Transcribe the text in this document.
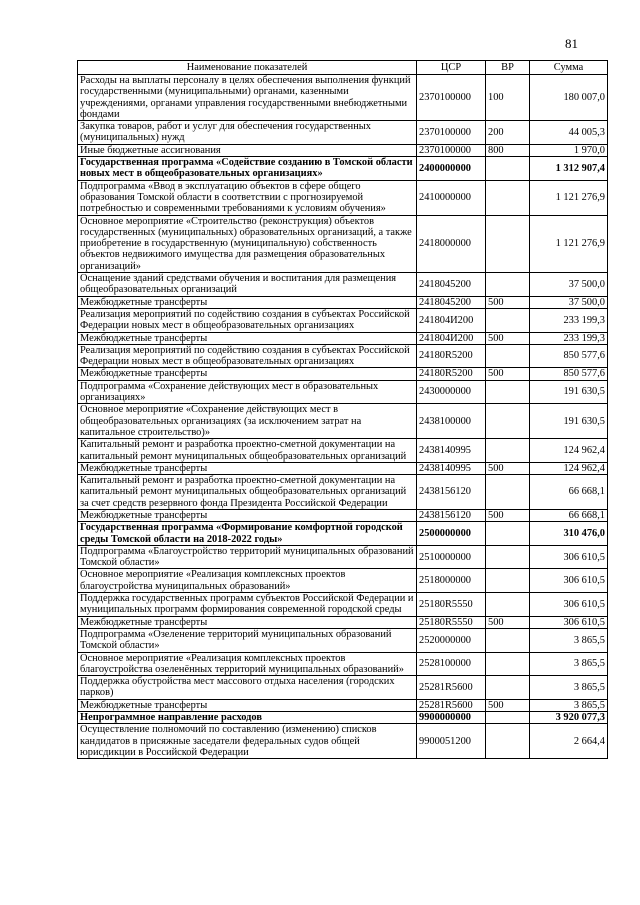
81
Наименование показателей	ЦСР	ВР	Сумма
Расходы на выплаты персоналу в целях обеспечения выполнения функций государственными (муниципальными) органами, казенными учреждениями, органами управления государственными внебюджетными фондами	2370100000	100	180 007,0
Закупка товаров, работ и услуг для обеспечения государственных (муниципальных) нужд	2370100000	200	44 005,3
Иные бюджетные ассигнования	2370100000	800	1 970,0
Государственная программа «Содействие созданию в Томской области новых мест в общеобразовательных организациях»	2400000000		1 312 907,4
Подпрограмма «Ввод в эксплуатацию объектов в сфере общего образования Томской области в соответствии с прогнозируемой потребностью и современными требованиями к условиям обучения»	2410000000		1 121 276,9
Основное мероприятие «Строительство (реконструкция) объектов государственных (муниципальных) образовательных организаций, а также приобретение в государственную (муниципальную) собственность объектов недвижимого имущества для размещения образовательных организаций»	2418000000		1 121 276,9
Оснащение зданий средствами обучения и воспитания для размещения общеобразовательных организаций	2418045200		37 500,0
Межбюджетные трансферты	2418045200	500	37 500,0
Реализация мероприятий по содействию создания в субъектах Российской Федерации новых мест в общеобразовательных организациях	241804И200		233 199,3
Межбюджетные трансферты	241804И200	500	233 199,3
Реализация мероприятий по содействию создания в субъектах Российской Федерации новых мест в общеобразовательных организациях	24180R5200		850 577,6
Межбюджетные трансферты	24180R5200	500	850 577,6
Подпрограмма «Сохранение действующих мест в образовательных организациях»	2430000000		191 630,5
Основное мероприятие «Сохранение действующих мест в общеобразовательных организациях (за исключением затрат на капитальное строительство)»	2438100000		191 630,5
Капитальный ремонт и разработка проектно-сметной документации на капитальный ремонт муниципальных общеобразовательных организаций	2438140995		124 962,4
Межбюджетные трансферты	2438140995	500	124 962,4
Капитальный ремонт и разработка проектно-сметной документации на капитальный ремонт муниципальных общеобразовательных организаций за счет средств резервного фонда Президента Российской Федерации	2438156120		66 668,1
Межбюджетные трансферты	2438156120	500	66 668,1
Государственная программа «Формирование комфортной городской среды Томской области на 2018-2022 годы»	2500000000		310 476,0
Подпрограмма «Благоустройство территорий муниципальных образований Томской области»	2510000000		306 610,5
Основное мероприятие «Реализация комплексных проектов благоустройства муниципальных образований»	2518000000		306 610,5
Поддержка государственных программ субъектов Российской Федерации и муниципальных программ формирования современной городской среды	25180R5550		306 610,5
Межбюджетные трансферты	25180R5550	500	306 610,5
Подпрограмма «Озеленение территорий муниципальных образований Томской области»	2520000000		3 865,5
Основное мероприятие «Реализация комплексных проектов благоустройства озеленённых территорий муниципальных образований»	2528100000		3 865,5
Поддержка обустройства мест массового отдыха населения (городских парков)	25281R5600		3 865,5
Межбюджетные трансферты	25281R5600	500	3 865,5
Непрограммное направление расходов	9900000000		3 920 077,3
Осуществление полномочий по составлению (изменению) списков кандидатов в присяжные заседатели федеральных судов общей юрисдикции в Российской Федерации	9900051200		2 664,4
